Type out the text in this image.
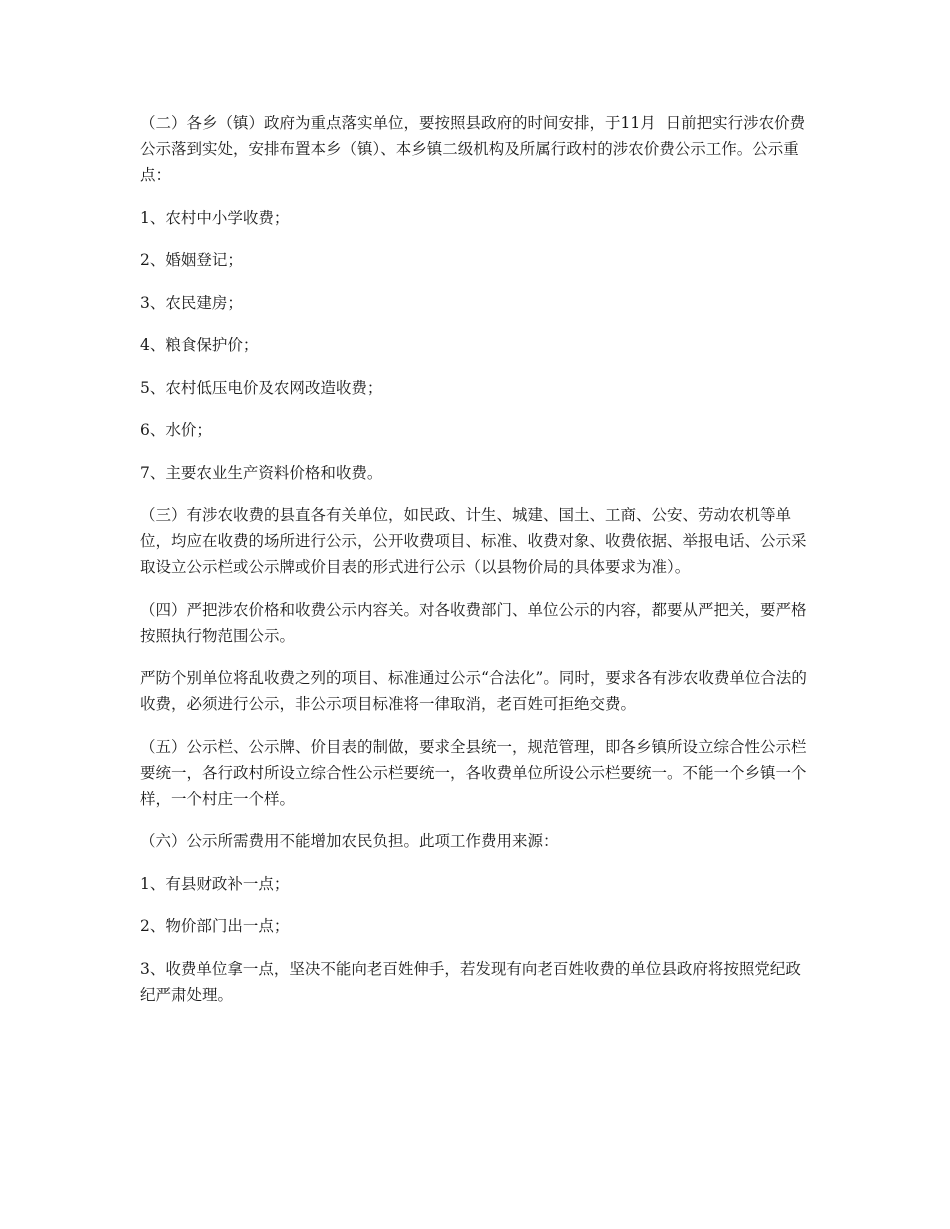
（二）各乡（镇）政府为重点落实单位，要按照县政府的时间安排，于11月  日前把实行涉农价费公示落到实处，安排布置本乡（镇）、本乡镇二级机构及所属行政村的涉农价费公示工作。公示重点：

1、农村中小学收费；

2、婚姻登记；

3、农民建房；

4、粮食保护价；

5、农村低压电价及农网改造收费；

6、水价；

7、主要农业生产资料价格和收费。

（三）有涉农收费的县直各有关单位，如民政、计生、城建、国土、工商、公安、劳动农机等单位，均应在收费的场所进行公示，公开收费项目、标准、收费对象、收费依据、举报电话、公示采取设立公示栏或公示牌或价目表的形式进行公示（以县物价局的具体要求为准）。

（四）严把涉农价格和收费公示内容关。对各收费部门、单位公示的内容，都要从严把关，要严格按照执行物范围公示。

严防个别单位将乱收费之列的项目、标准通过公示“合法化”。同时，要求各有涉农收费单位合法的收费，必须进行公示，非公示项目标准将一律取消，老百姓可拒绝交费。

（五）公示栏、公示牌、价目表的制做，要求全县统一，规范管理，即各乡镇所设立综合性公示栏要统一，各行政村所设立综合性公示栏要统一，各收费单位所设公示栏要统一。不能一个乡镇一个样，一个村庄一个样。

（六）公示所需费用不能增加农民负担。此项工作费用来源：

1、有县财政补一点；

2、物价部门出一点；

3、收费单位拿一点，坚决不能向老百姓伸手，若发现有向老百姓收费的单位县政府将按照党纪政纪严肃处理。
